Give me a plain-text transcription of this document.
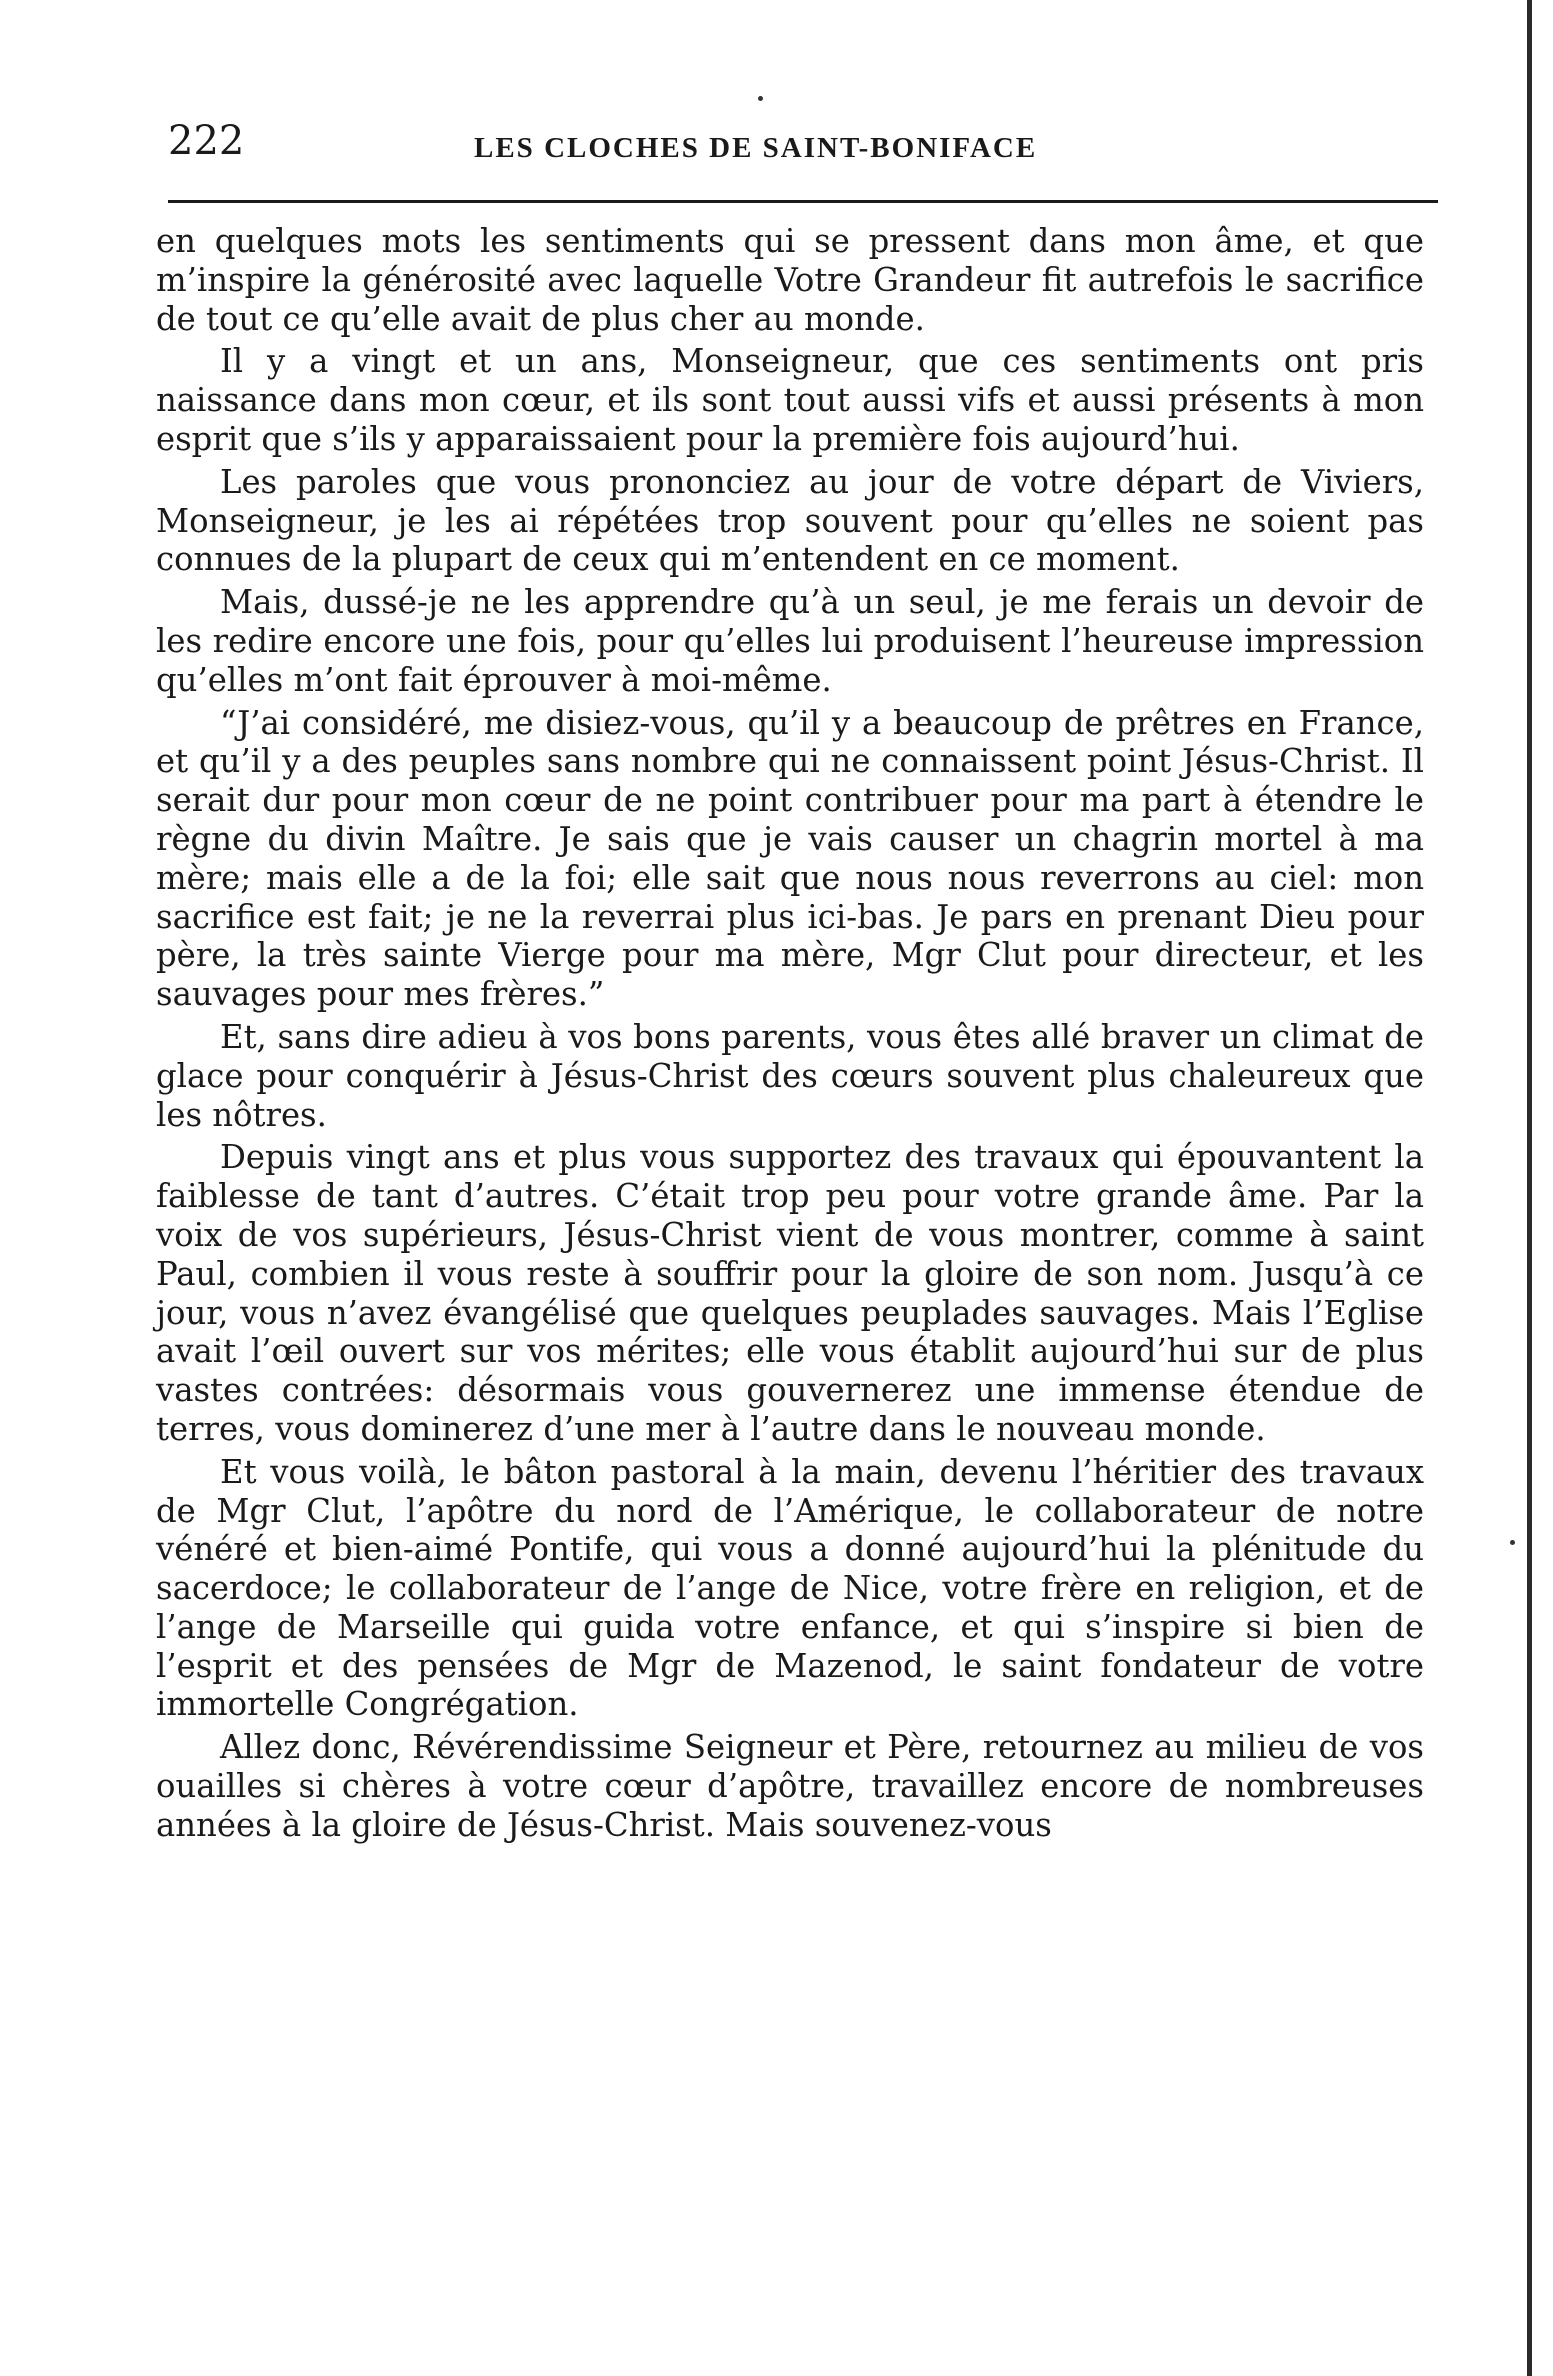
222	LES CLOCHES DE SAINT-BONIFACE

en quelques mots les sentiments qui se pressent dans mon âme, et que m’inspire la générosité avec laquelle Votre Grandeur fit autrefois le sacrifice de tout ce qu’elle avait de plus cher au monde.

Il y a vingt et un ans, Monseigneur, que ces sentiments ont pris naissance dans mon cœur, et ils sont tout aussi vifs et aussi présents à mon esprit que s’ils y apparaissaient pour la première fois aujourd’hui.

Les paroles que vous prononciez au jour de votre départ de Viviers, Monseigneur, je les ai répétées trop souvent pour qu’elles ne soient pas connues de la plupart de ceux qui m’entendent en ce moment.

Mais, dussé-je ne les apprendre qu’à un seul, je me ferais un devoir de les redire encore une fois, pour qu’elles lui produisent l’heureuse impression qu’elles m’ont fait éprouver à moi-même.

“J’ai considéré, me disiez-vous, qu’il y a beaucoup de prêtres en France, et qu’il y a des peuples sans nombre qui ne connaissent point Jésus-Christ. Il serait dur pour mon cœur de ne point contribuer pour ma part à étendre le règne du divin Maître. Je sais que je vais causer un chagrin mortel à ma mère; mais elle a de la foi; elle sait que nous nous reverrons au ciel: mon sacrifice est fait; je ne la reverrai plus ici-bas. Je pars en prenant Dieu pour père, la très sainte Vierge pour ma mère, Mgr Clut pour directeur, et les sauvages pour mes frères.”

Et, sans dire adieu à vos bons parents, vous êtes allé braver un climat de glace pour conquérir à Jésus-Christ des cœurs souvent plus chaleureux que les nôtres.

Depuis vingt ans et plus vous supportez des travaux qui épouvantent la faiblesse de tant d’autres. C’était trop peu pour votre grande âme. Par la voix de vos supérieurs, Jésus-Christ vient de vous montrer, comme à saint Paul, combien il vous reste à souffrir pour la gloire de son nom. Jusqu’à ce jour, vous n’avez évangélisé que quelques peuplades sauvages. Mais l’Eglise avait l’œil ouvert sur vos mérites; elle vous établit aujourd’hui sur de plus vastes contrées: désormais vous gouvernerez une immense étendue de terres, vous dominerez d’une mer à l’autre dans le nouveau monde.

Et vous voilà, le bâton pastoral à la main, devenu l’héritier des travaux de Mgr Clut, l’apôtre du nord de l’Amérique, le collaborateur de notre vénéré et bien-aimé Pontife, qui vous a donné aujourd’hui la plénitude du sacerdoce; le collaborateur de l’ange de Nice, votre frère en religion, et de l’ange de Marseille qui guida votre enfance, et qui s’inspire si bien de l’esprit et des pensées de Mgr de Mazenod, le saint fondateur de votre immortelle Congrégation.

Allez donc, Révérendissime Seigneur et Père, retournez au milieu de vos ouailles si chères à votre cœur d’apôtre, travaillez encore de nombreuses années à la gloire de Jésus-Christ. Mais souvenez-vous
